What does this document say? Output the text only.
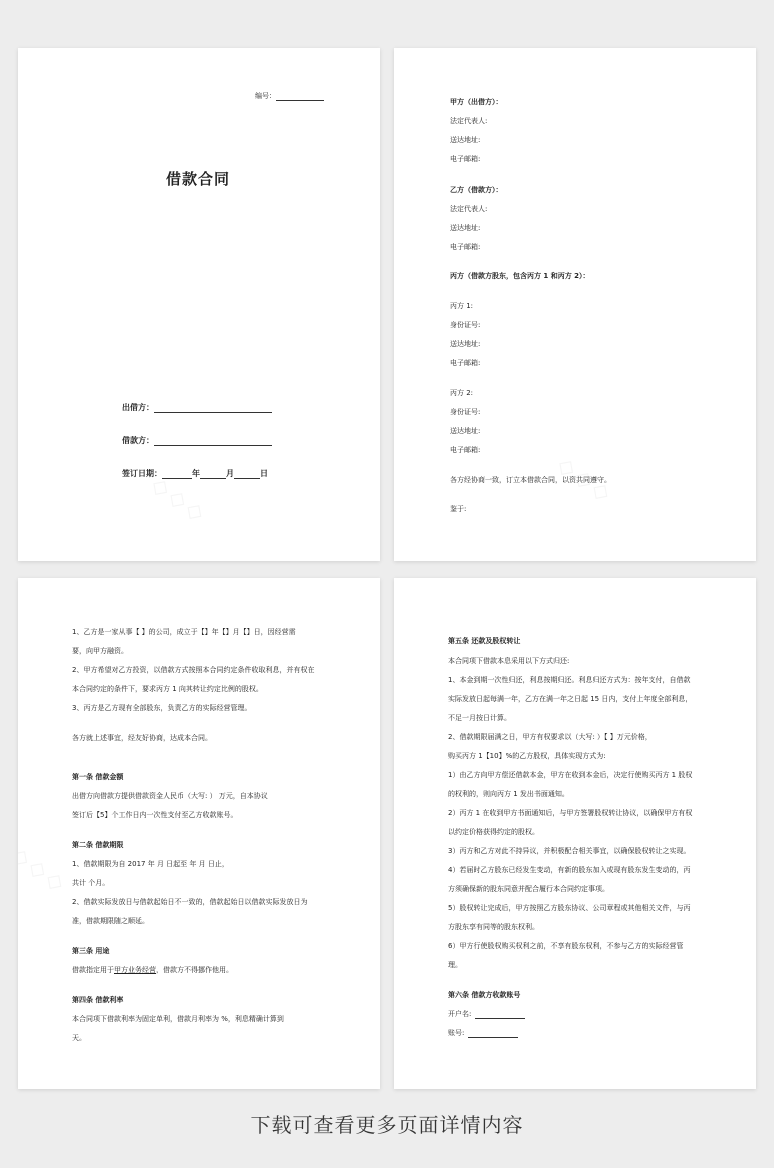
编号：
借款合同
出借方：
借款方：
签订日期：	年	月	日
甲方（出借方）：
法定代表人:
送达地址:
电子邮箱:
乙方（借款方）：
法定代表人:
送达地址:
电子邮箱:
丙方（借款方股东，包含丙方 1 和丙方 2）：
丙方 1:
身份证号:
送达地址:
电子邮箱:
丙方 2:
身份证号:
送达地址:
电子邮箱:
各方经协商一致，订立本借款合同，以资共同遵守。
鉴于:
1、乙方是一家从事【 】的公司，成立于【】年【】月【】日，因经营需
要，向甲方融资。
2、甲方希望对乙方投资，以借款方式按照本合同约定条件收取利息，并有权在
本合同约定的条件下，要求丙方 1 向其转让约定比例的股权。
3、丙方是乙方现有全部股东，负责乙方的实际经营管理。
各方就上述事宜，经友好协商，达成本合同。
第一条 借款金额
出借方向借款方提供借款资金人民币（大写: ） 万元，自本协议
签订后【5】个工作日内一次性支付至乙方收款账号。
第二条 借款期限
1、借款期限为自 2017 年 月 日起至 年 月 日止，
共计 个月。
2、借款实际发放日与借款起始日不一致的，借款起始日以借款实际发放日为
准，借款期限随之顺延。
第三条 用途
借款指定用于甲方业务经营，借款方不得挪作他用。
第四条 借款利率
本合同项下借款利率为固定单利，借款月利率为 %，利息精确计算到
天。
第五条 还款及股权转让
本合同项下借款本息采用以下方式归还:
1、本金到期一次性归还，利息按期归还。利息归还方式为：按年支付，自借款
实际发放日起每满一年，乙方在满一年之日起 15 日内，支付上年度全部利息，
不足一月按日计算。
2、借款期限届满之日，甲方有权要求以（大写: ）【 】万元价格，
购买丙方 1【10】%的乙方股权，具体实现方式为:
1）由乙方向甲方偿还借款本金，甲方在收到本金后，决定行使购买丙方 1 股权
的权利的，则向丙方 1 发出书面通知。
2）丙方 1 在收到甲方书面通知后，与甲方签署股权转让协议，以确保甲方有权
以约定价格获得约定的股权。
3）丙方和乙方对此不持异议，并积极配合相关事宜，以确保股权转让之实现。
4）若届时乙方股东已经发生变动，有新的股东加入或现有股东发生变动的，丙
方须确保新的股东同意并配合履行本合同约定事项。
5）股权转让完成后，甲方按照乙方股东协议、公司章程或其他相关文件，与丙
方股东享有同等的股东权利。
6）甲方行使股权购买权利之前，不享有股东权利，不参与乙方的实际经营管
理。
第六条 借款方收款账号
开户名:
账号:
下载可查看更多页面详情内容
